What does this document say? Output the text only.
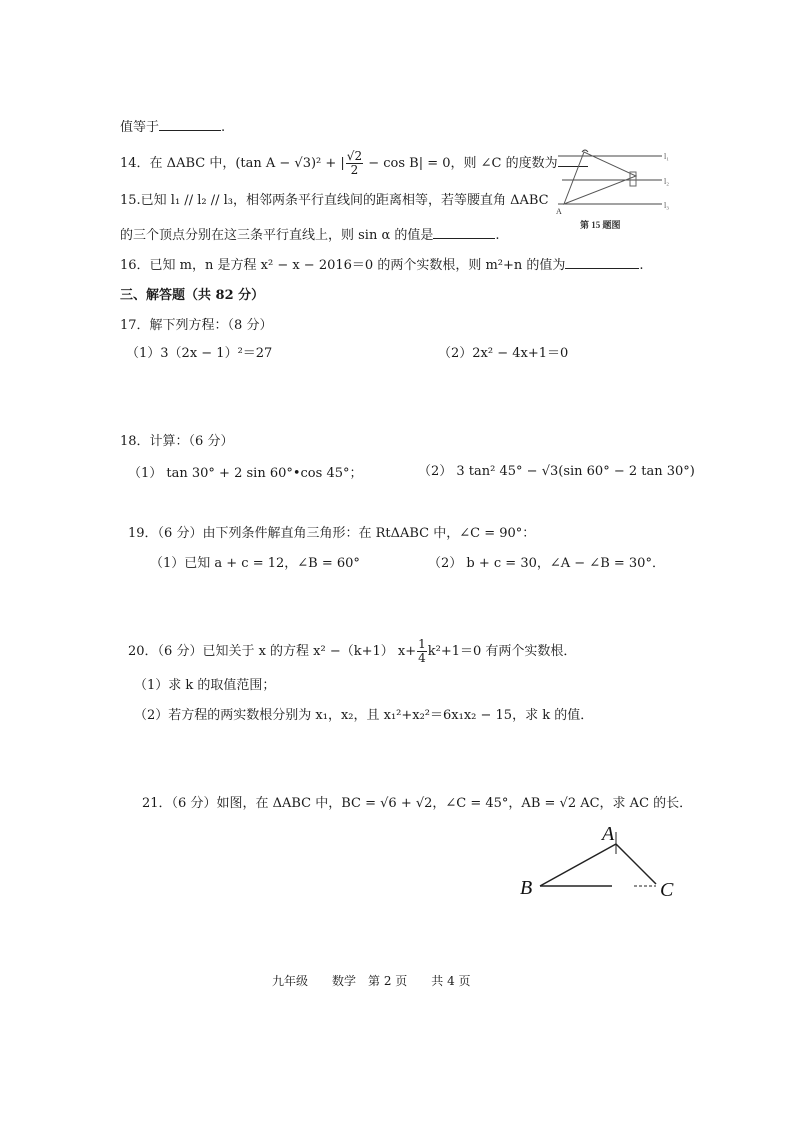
值等于	.
14．在 ΔABC 中，(tan A − √3)² + | $\frac{√2}{2} - \cos B| = 0$，则 ∠C 的度数为
15.已知 l₁ // l₂ // l₃，相邻两条平行直线间的距离相等，若等腰直角 ΔABC
的三个顶点分别在这三条平行直线上，则 sin α 的值是	.
l₁
l₂
l₃
A
第 15 题图
16．已知 m，n 是方程 x² − x − 2016＝0 的两个实数根，则 m²+n 的值为	.
三、解答题（共 82 分）
17．解下列方程：（8 分）
（1）3（2x − 1）²＝27	（2）2x² − 4x+1＝0
18．计算：（6 分）
（1） tan 30° + 2 sin 60°•cos 45°；	（2） 3 tan² 45° − √3(sin 60° − 2 tan 30°)
19．（6 分）由下列条件解直角三角形：在 RtΔABC 中，∠C = 90°：
（1）已知 a + c = 12，∠B = 60°	（2） b + c = 30，∠A − ∠B = 30°．
20．（6 分）已知关于 x 的方程 x² −（k+1） $x+ \frac{1}{4} k^2+1=0$ 有两个实数根．
（1）求 k 的取值范围；
（2）若方程的两实数根分别为 x₁，x₂，且 x₁²+x₂²＝6x₁x₂ − 15，求 k 的值．
21．（6 分）如图，在 ΔABC 中，BC = √6 + √2，∠C = 45°，AB = √2 AC，求 AC 的长．
A
B	C
九年级　　数学　第 2 页　　共 4 页
